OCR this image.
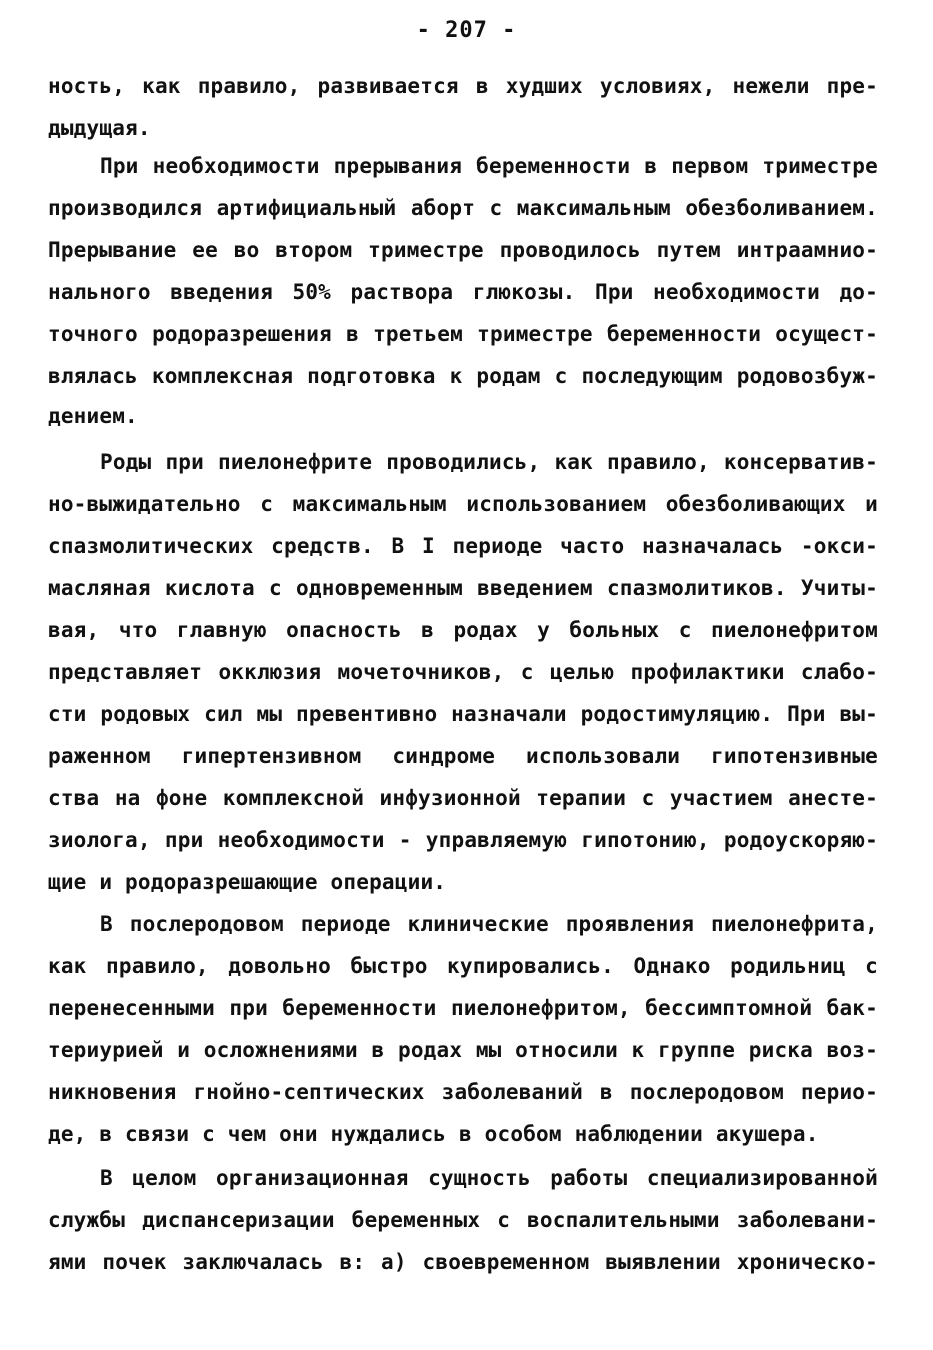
- 207 -
ность, как правило, развивается в худших условиях, нежели пре-
дыдущая.
При необходимости прерывания беременности в первом триместре
производился артифициальный аборт с максимальным обезболиванием.
Прерывание ее во втором триместре проводилось путем интраамнио-
нального введения 50% раствора глюкозы. При необходимости до-
точного родоразрешения в третьем триместре беременности осущест-
влялась комплексная подготовка к родам с последующим родовозбуж-
дением.
Роды при пиелонефрите проводились, как правило, консерватив-
но-выжидательно с максимальным использованием обезболивающих и
спазмолитических средств. В I периоде часто назначалась -окси-
масляная кислота с одновременным введением спазмолитиков. Учиты-
вая, что главную опасность в родах у больных с пиелонефритом
представляет окклюзия мочеточников, с целью профилактики слабо-
сти родовых сил мы превентивно назначали родостимуляцию. При вы-
раженном гипертензивном синдроме использовали гипотензивные
ства на фоне комплексной инфузионной терапии с участием анесте-
зиолога, при необходимости - управляемую гипотонию, родоускоряю-
щие и родоразрешающие операции.
В послеродовом периоде клинические проявления пиелонефрита,
как правило, довольно быстро купировались. Однако родильниц с
перенесенными при беременности пиелонефритом, бессимптомной бак-
териурией и осложнениями в родах мы относили к группе риска воз-
никновения гнойно-септических заболеваний в послеродовом перио-
де, в связи с чем они нуждались в особом наблюдении акушера.
В целом организационная сущность работы специализированной
службы диспансеризации беременных с воспалительными заболевани-
ями почек заключалась в: а) своевременном выявлении хроническо-
